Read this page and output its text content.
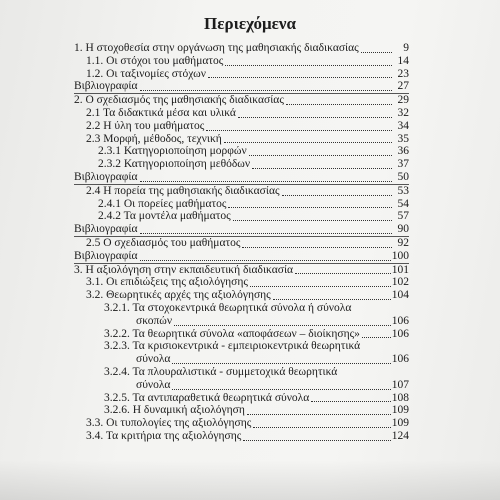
Περιεχόμενα
1. Η στοχοθεσία στην οργάνωση της μαθησιακής διαδικασίας	9
1.1. Οι στόχοι του μαθήματος	14
1.2. Οι ταξινομίες στόχων	23
Βιβλιογραφία	27
2. Ο σχεδιασμός της μαθησιακής διαδικασίας	29
2.1 Τα διδακτικά μέσα και υλικά	32
2.2 Η ύλη του μαθήματος	34
2.3 Μορφή, μέθοδος, τεχνική	35
2.3.1 Κατηγοριοποίηση μορφών	36
2.3.2 Κατηγοριοποίηση μεθόδων	37
Βιβλιογραφία	50
2.4 Η πορεία της μαθησιακής διαδικασίας	53
2.4.1 Οι πορείες μαθήματος	54
2.4.2 Τα μοντέλα μαθήματος	57
Βιβλιογραφία	90
2.5 Ο σχεδιασμός του μαθήματος	92
Βιβλιογραφία	100
3. Η αξιολόγηση στην εκπαιδευτική διαδικασία	101
3.1. Οι επιδιώξεις της αξιολόγησης	102
3.2. Θεωρητικές αρχές της αξιολόγησης	104
3.2.1. Τα στοχοκεντρικά θεωρητικά σύνολα ή σύνολα
σκοπών	106
3.2.2. Τα θεωρητικά σύνολα «αποφάσεων – διοίκησης»	106
3.2.3. Τα κρισιοκεντρικά - εμπειριοκεντρικά θεωρητικά
σύνολα	106
3.2.4. Τα πλουραλιστικά - συμμετοχικά θεωρητικά
σύνολα	107
3.2.5. Τα αντιπαραθετικά θεωρητικά σύνολα	108
3.2.6. Η δυναμική αξιολόγηση	109
3.3. Οι τυπολογίες της αξιολόγησης	109
3.4. Τα κριτήρια της αξιολόγησης	124
